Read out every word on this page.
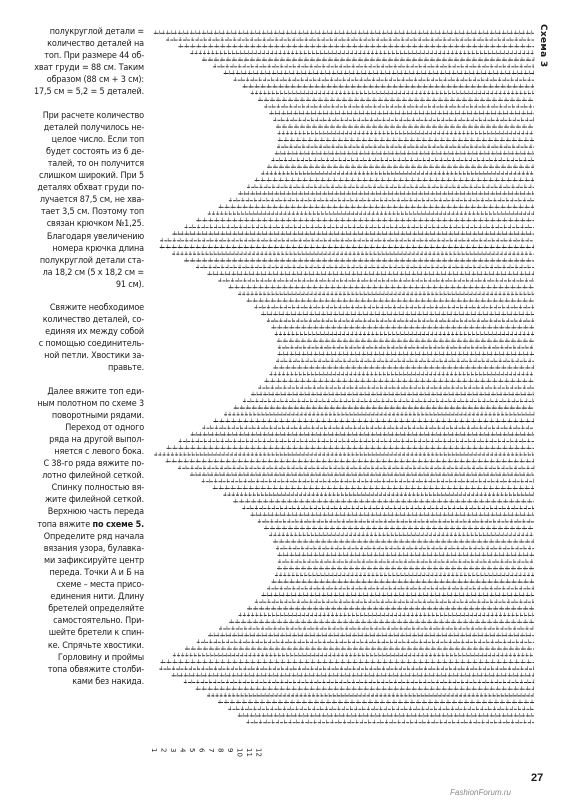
полукруглой детали =
количество деталей на
топ. При размере 44 об-
хват груди = 88 см. Таким
образом (88 см + 3 см):
17,5 см = 5,2 = 5 деталей.

При расчете количество
деталей получилось не-
целое число. Если топ
будет состоять из 6 де-
талей, то он получится
слишком широкий. При 5
деталях обхват груди по-
лучается 87,5 см, не хва-
тает 3,5 см. Поэтому топ
связан крючком №1,25.
Благодаря увеличению
номера крючка длина
полукруглой детали ста-
ла 18,2 см (5 х 18,2 см =
91 см).

Свяжите необходимое
количество деталей, со-
единяя их между собой
с помощью соединитель-
ной петли. Хвостики за-
правьте.

Далее вяжите топ еди-
ным полотном по схеме 3
поворотными рядами.
Переход от одного
ряда на другой выпол-
няется с левого бока.
С 38-го ряда вяжите по-
лотно филейной сеткой.
Спинку полностью вя-
жите филейной сеткой.
Верхнюю часть переда
топа вяжите по схеме 5.
Определите ряд начала
вязания узора, булавка-
ми зафиксируйте центр
переда. Точки А и Б на
схеме – места присо-
единения нити. Длину
бретелей определяйте
самостоятельно. При-
шейте бретели к спин-
ке. Спрячьте хвостики.
Горловину и проймы
топа обвяжите столби-
ками без накида.

1 2 3 4 5 6 7 8 9 10 11 12
Схема 3
27
FashionForum.ru
